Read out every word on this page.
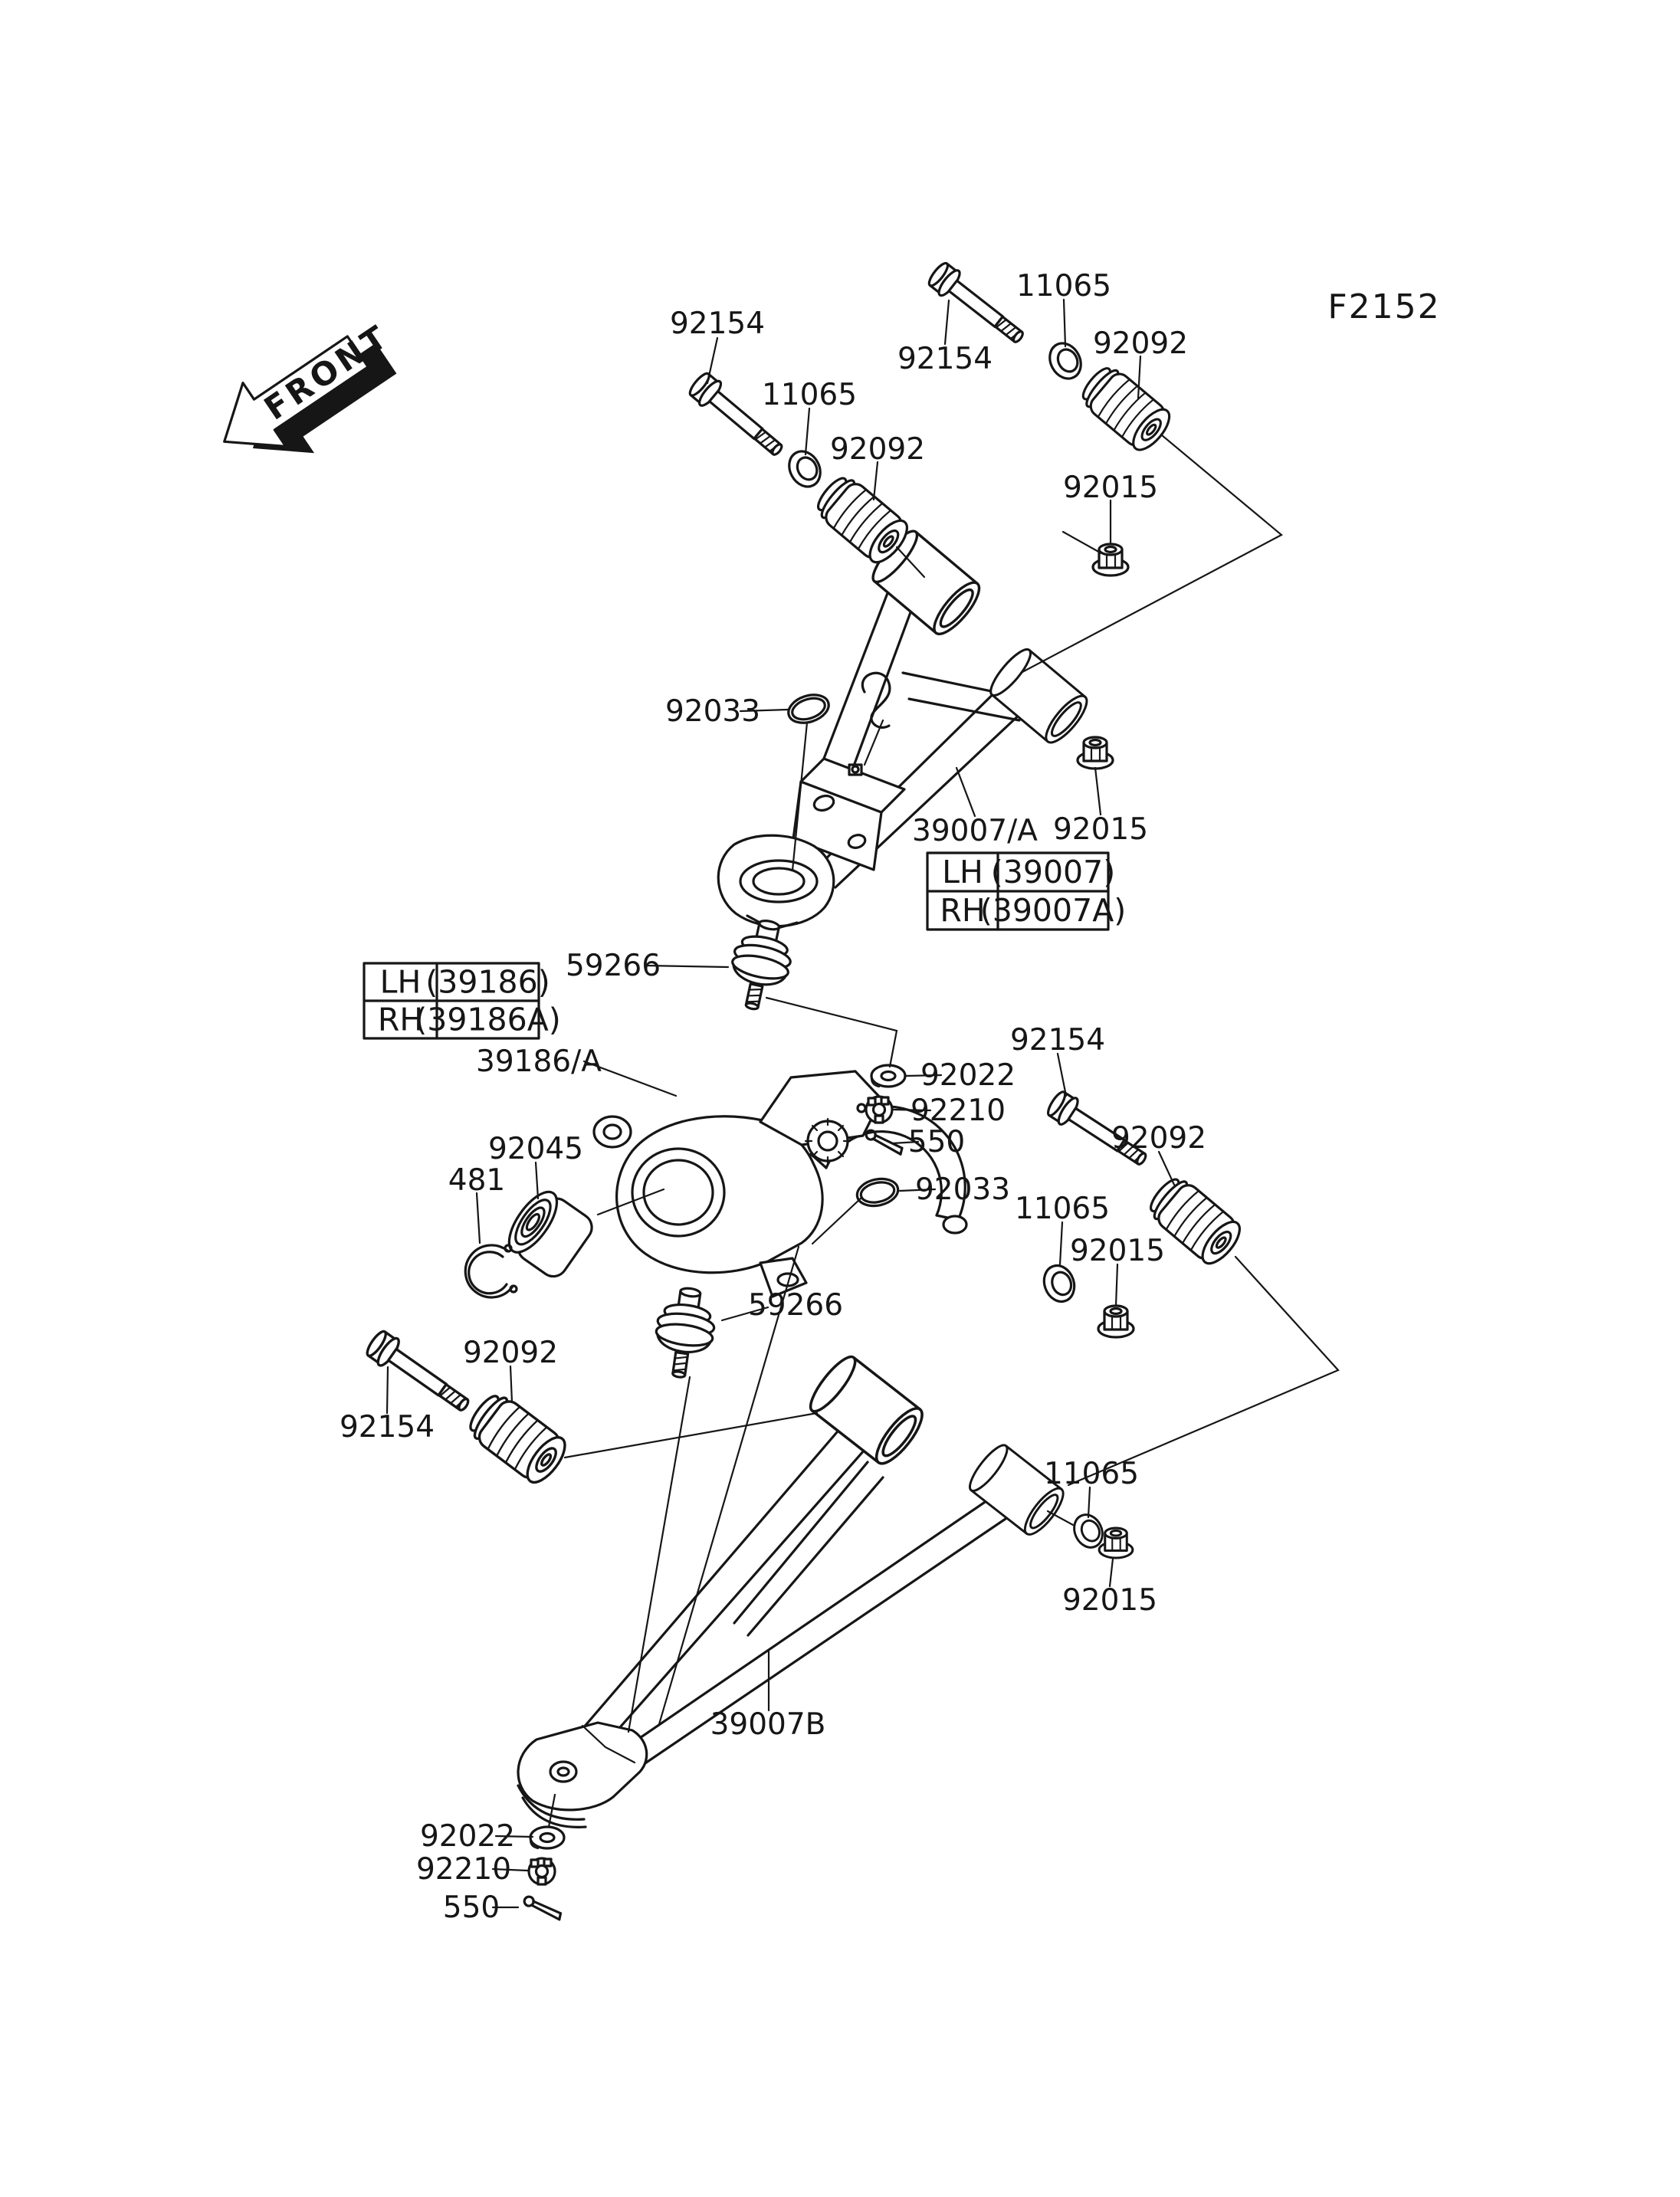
FRONT
F2152
92154
11065
92092
92154
11065
92092
92015
92033
39007/A 92015
59266
39186/A	92022
92210
550
92033
92154
92092
11065
92015
92045
481
59266
92092
92154
11065
92015
39007B
92022
92210
550
LH (39007)
RH
(39007A)
LH (39186)
RH
(39186A)
